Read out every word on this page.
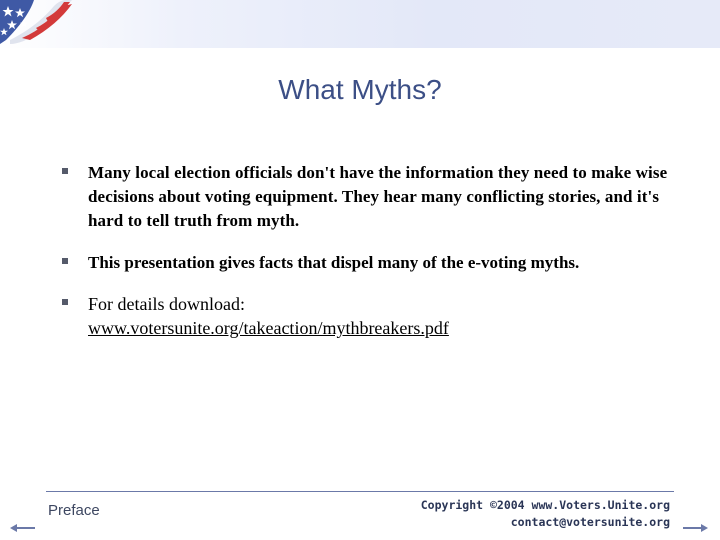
What Myths?
Many local election officials don't have the information they need to make wise decisions about voting equipment. They hear many conflicting stories, and it's hard to tell truth from myth.
This presentation gives facts that dispel many of the e-voting myths.
For details download:
www.votersunite.org/takeaction/mythbreakers.pdf
Preface	Copyright ©2004 www.Voters.Unite.org
contact@votersunite.org
